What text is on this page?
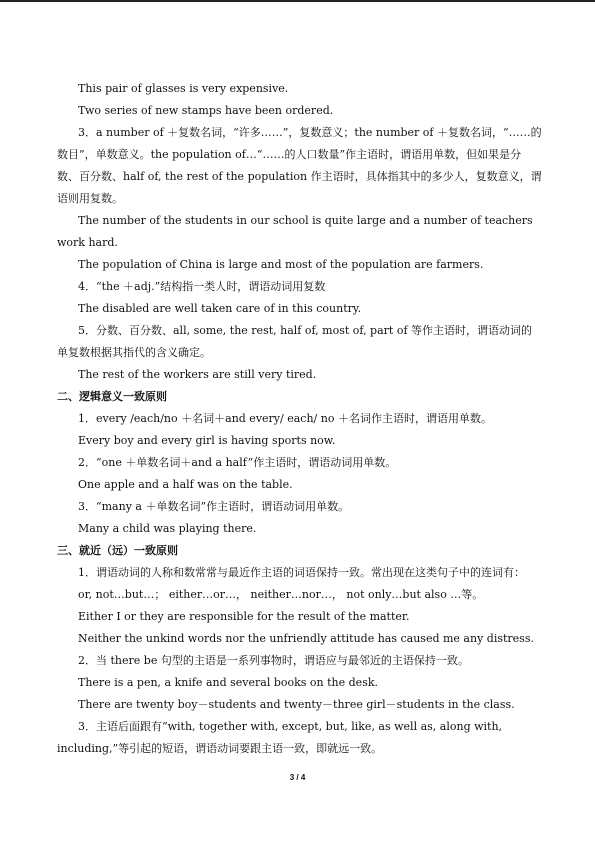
This pair of glasses is very expensive.

Two series of new stamps have been ordered.

3．a number of ＋复数名词，“许多……”，复数意义；the number of ＋复数名词，“……的数目”，单数意义。the population of…“……的人口数量”作主语时，谓语用单数，但如果是分数、百分数、half of, the rest of the population 作主语时，具体指其中的多少人，复数意义，谓语则用复数。

The number of the students in our school is quite large and a number of teachers work hard.

The population of China is large and most of the population are farmers.

4．“the ＋adj.”结构指一类人时，谓语动词用复数

The disabled are well taken care of in this country.

5．分数、百分数、all, some, the rest, half of, most of, part of 等作主语时，谓语动词的单复数根据其指代的含义确定。

The rest of the workers are still very tired.

二、逻辑意义一致原则

1．every /each/no ＋名词＋and every/ each/ no ＋名词作主语时，谓语用单数。

Every boy and every girl is having sports now.

2．“one ＋单数名词＋and a half”作主语时，谓语动词用单数。

One apple and a half was on the table.

3．“many a ＋单数名词”作主语时，谓语动词用单数。

Many a child was playing there.

三、就近（远）一致原则

1．谓语动词的人称和数常常与最近作主语的词语保持一致。常出现在这类句子中的连词有：

or, not…but…； either…or…， neither…nor…， not only…but also …等。

Either I or they are responsible for the result of the matter.

Neither the unkind words nor the unfriendly attitude has caused me any distress.

2．当 there be 句型的主语是一系列事物时，谓语应与最邻近的主语保持一致。

There is a pen, a knife and several books on the desk.

There are twenty boy－students and twenty－three girl－students in the class.

3．主语后面跟有“with, together with, except, but, like, as well as, along with, including,”等引起的短语，谓语动词要跟主语一致，即就远一致。

3 / 4
